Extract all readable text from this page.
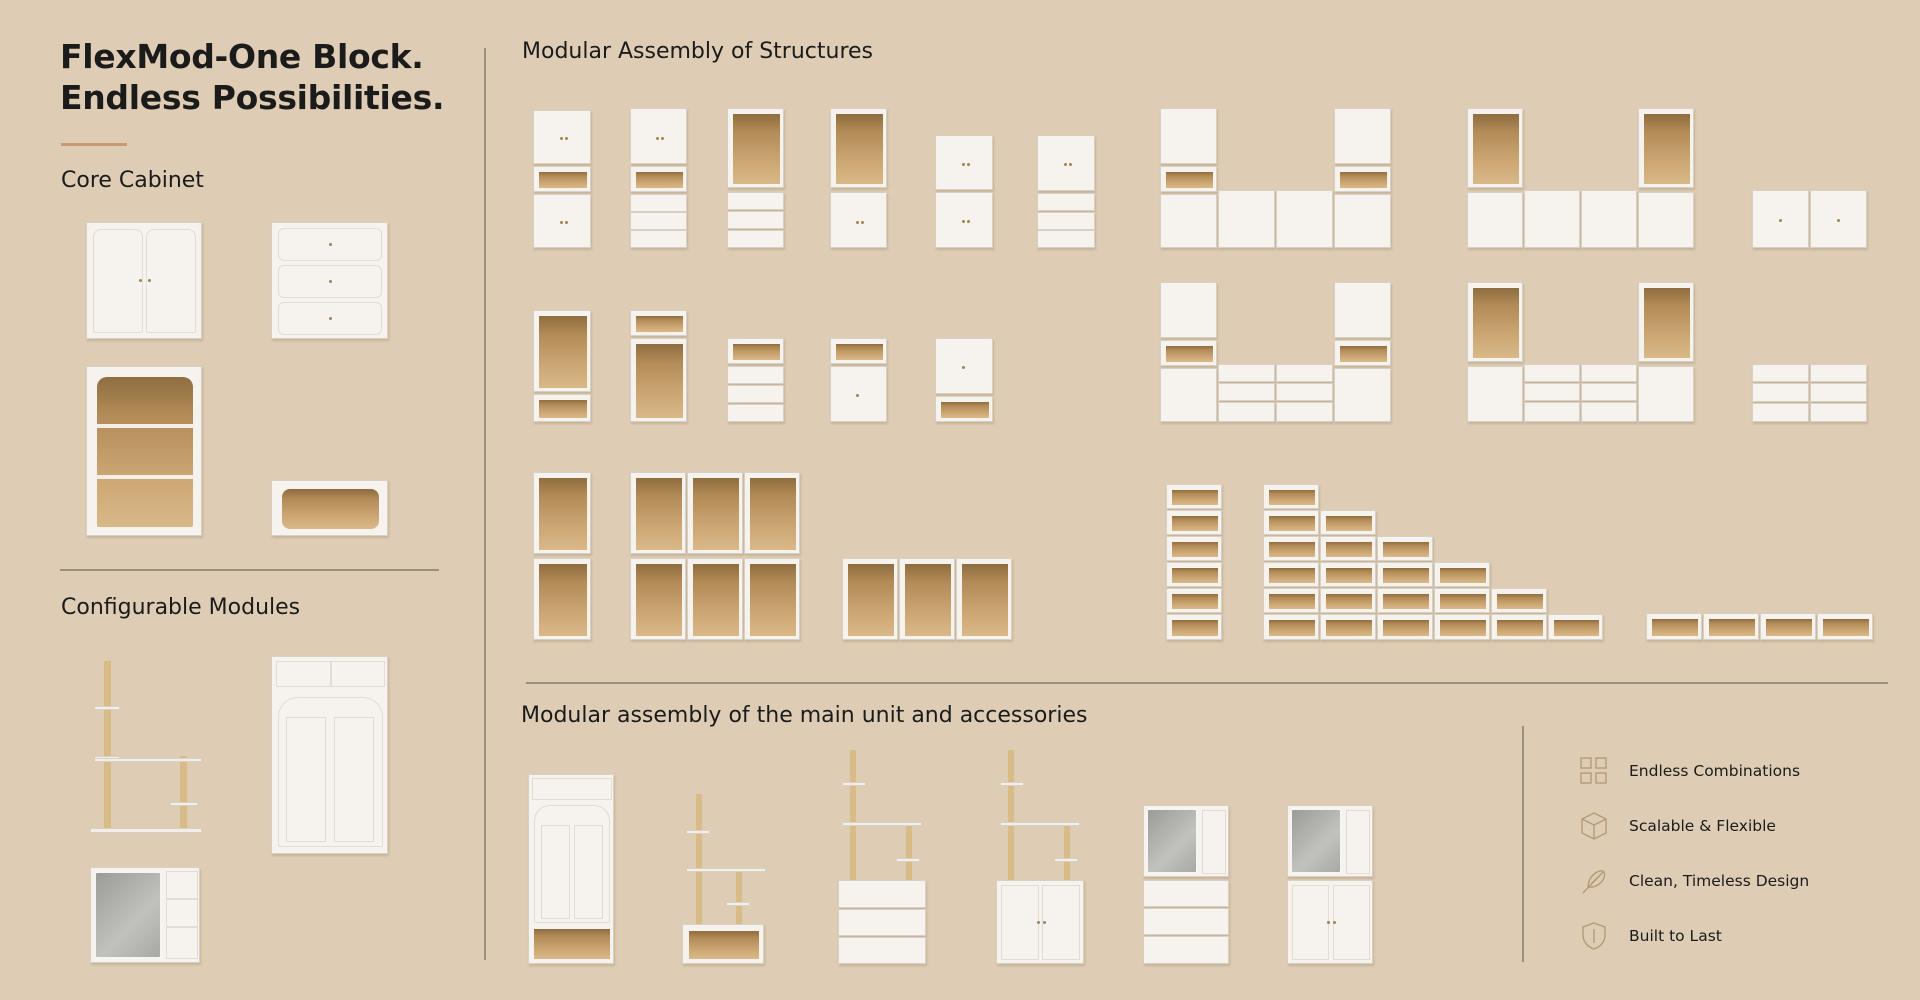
FlexMod-One Block.
Endless Possibilities.
Core Cabinet
Configurable Modules
Modular Assembly of Structures
Modular assembly of the main unit and accessories
Endless Combinations
Scalable & Flexible
Clean, Timeless Design
Built to Last
